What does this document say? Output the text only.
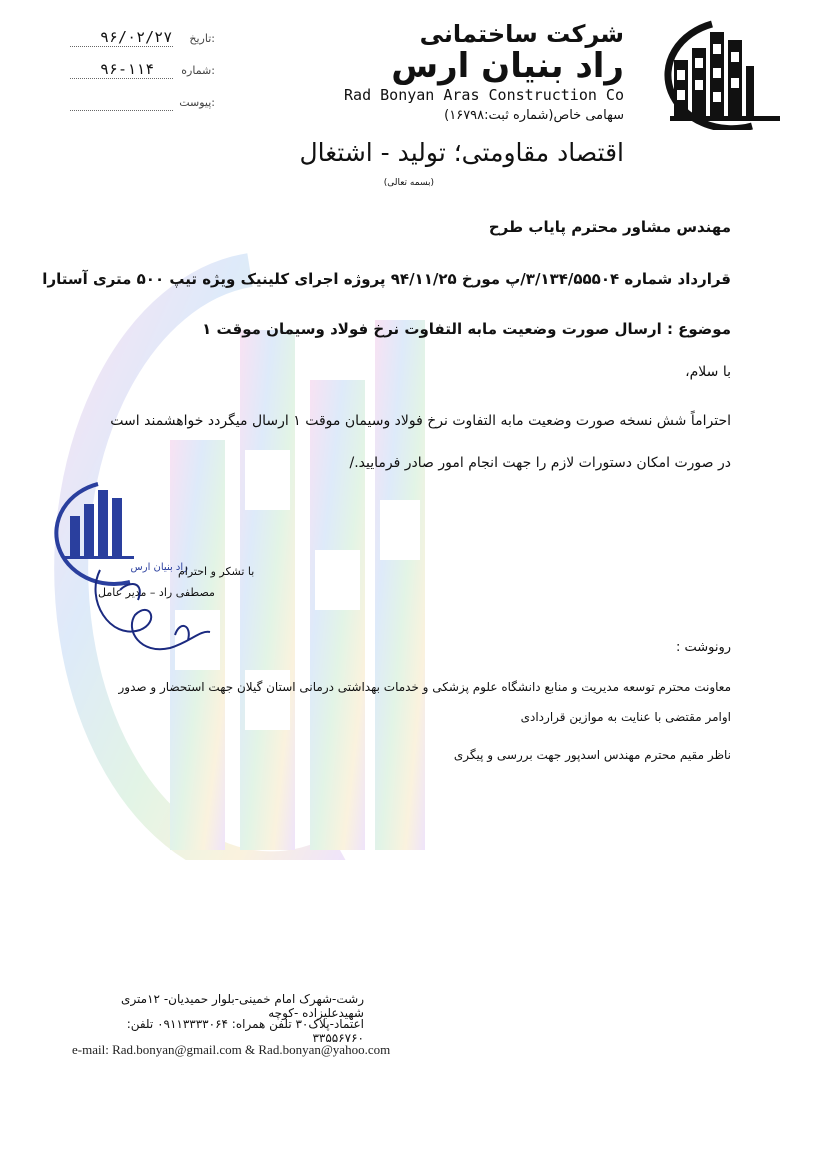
شرکت ساختمانی
راد بنیان ارس
Rad Bonyan Aras Construction Co
سهامی خاص(شماره ثبت:۱۶۷۹۸)
اقتصاد مقاومتی؛ تولید - اشتغال
(بسمه تعالی)
تاریخ:
۹۶/۰۲/۲۷
شماره:
۹۶-۱۱۴
پیوست:
مهندس مشاور محترم پایاب طرح
قرارداد شماره ۳/۱۳۴/۵۵۵۰۴/پ مورخ ۹۴/۱۱/۲۵ پروژه اجرای کلینیک ویژه تیپ ۵۰۰ متری آستارا
موضوع : ارسال صورت وضعیت مابه التفاوت نرخ فولاد وسیمان موقت ۱
با سلام،
احتراماً شش نسخه صورت وضعیت مابه التفاوت نرخ فولاد وسیمان موقت ۱ ارسال میگردد خواهشمند است
در صورت امکان دستورات لازم را جهت انجام امور صادر فرمایید./
راد بنیان ارس
با تشکر و احترام
مصطفی راد – مدیر عامل
رونوشت :
معاونت محترم توسعه مدیریت و منابع دانشگاه علوم پزشکی و خدمات بهداشتی درمانی استان گیلان جهت استحضار و صدور
اوامر مقتضی با عنایت به موازین قراردادی
ناظر مقیم محترم مهندس اسدپور جهت بررسی و پیگری
رشت-شهرک امام خمینی-بلوار حمیدیان- ۱۲متری شهیدعلیزاده -کوچه
اعتماد-پلاک۳۰ تلفن همراه: ۰۹۱۱۳۳۳۳۰۶۴ تلفن: ۳۳۵۵۶۷۶۰
e-mail: Rad.bonyan@gmail.com & Rad.bonyan@yahoo.com
